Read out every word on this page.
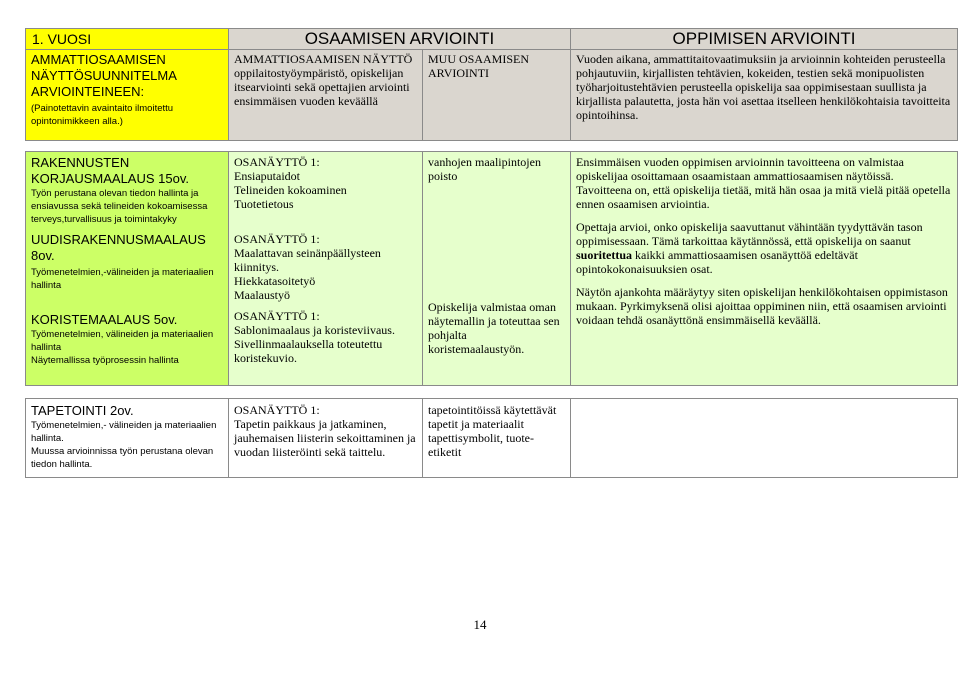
1. VUOSI	OSAAMISEN ARVIOINTI	OPPIMISEN ARVIOINTI
AMMATTIOSAAMISEN
NÄYTTÖSUUNNITELMA
ARVIOINTEINEEN:
(Painotettavin avaintaito ilmoitettu opintonimikkeen alla.)
AMMATTIOSAAMISEN NÄYTTÖ oppilaitostyöympäristö, opiskelijan itsearviointi sekä opettajien arviointi ensimmäisen vuoden keväällä
MUU OSAAMISEN ARVIOINTI
Vuoden aikana, ammattitaitovaatimuksiin ja arvioinnin kohteiden perusteella pohjautuviin, kirjallisten tehtävien, kokeiden, testien sekä monipuolisten työharjoitustehtävien perusteella opiskelija saa oppimisestaan suullista ja kirjallista palautetta, josta hän voi asettaa itselleen henkilökohtaisia tavoitteita opintoihinsa.
RAKENNUSTEN KORJAUSMAALAUS 15ov.
Työn perustana olevan tiedon hallinta ja ensiavussa sekä telineiden kokoamisessa terveys,turvallisuus ja toimintakyky
UUDISRAKENNUSMAALAUS 8ov.
Työmenetelmien,-välineiden ja materiaalien hallinta
KORISTEMAALAUS 5ov.
Työmenetelmien, välineiden ja materiaalien hallinta
Näytemallissa työprosessin hallinta
OSANÄYTTÖ 1:
Ensiaputaidot
Telineiden kokoaminen
Tuotetietous
OSANÄYTTÖ 1:
Maalattavan seinänpäällysteen kiinnitys.
Hiekkatasoitetyö
Maalaustyö
OSANÄYTTÖ 1:
Sablonimaalaus ja koristeviivaus.
Sivellinmaalauksella toteutettu koristekuvio.
vanhojen maalipintojen poisto
Opiskelija valmistaa oman näytemallin ja toteuttaa sen pohjalta koristemaalaustyön.

Ensimmäisen vuoden oppimisen arvioinnin tavoitteena on valmistaa opiskelijaa osoittamaan osaamistaan ammattiosaamisen näytöissä. Tavoitteena on, että opiskelija tietää, mitä hän osaa ja mitä vielä pitää opetella ennen osaamisen arviointia.

Opettaja arvioi, onko opiskelija saavuttanut vähintään tyydyttävän tason oppimisessaan. Tämä tarkoittaa käytännössä, että opiskelija on saanut suoritettua kaikki ammattiosaamisen osanäyttöä edeltävät opintokokonaisuuksien osat.

Näytön ajankohta määräytyy siten opiskelijan henkilökohtaisen oppimistason mukaan. Pyrkimyksenä olisi ajoittaa oppiminen niin, että osaamisen arviointi voidaan tehdä osanäyttönä ensimmäisellä keväällä.

TAPETOINTI 2ov.
Työmenetelmien,- välineiden ja materiaalien hallinta.
Muussa arvioinnissa työn perustana olevan tiedon hallinta.
OSANÄYTTÖ 1:
Tapetin paikkaus ja jatkaminen, jauhemaisen liisterin sekoittaminen ja vuodan liisteröinti sekä taittelu.
tapetointitöissä käytettävät tapetit ja materiaalit tapettisymbolit, tuote-etiketit
14
